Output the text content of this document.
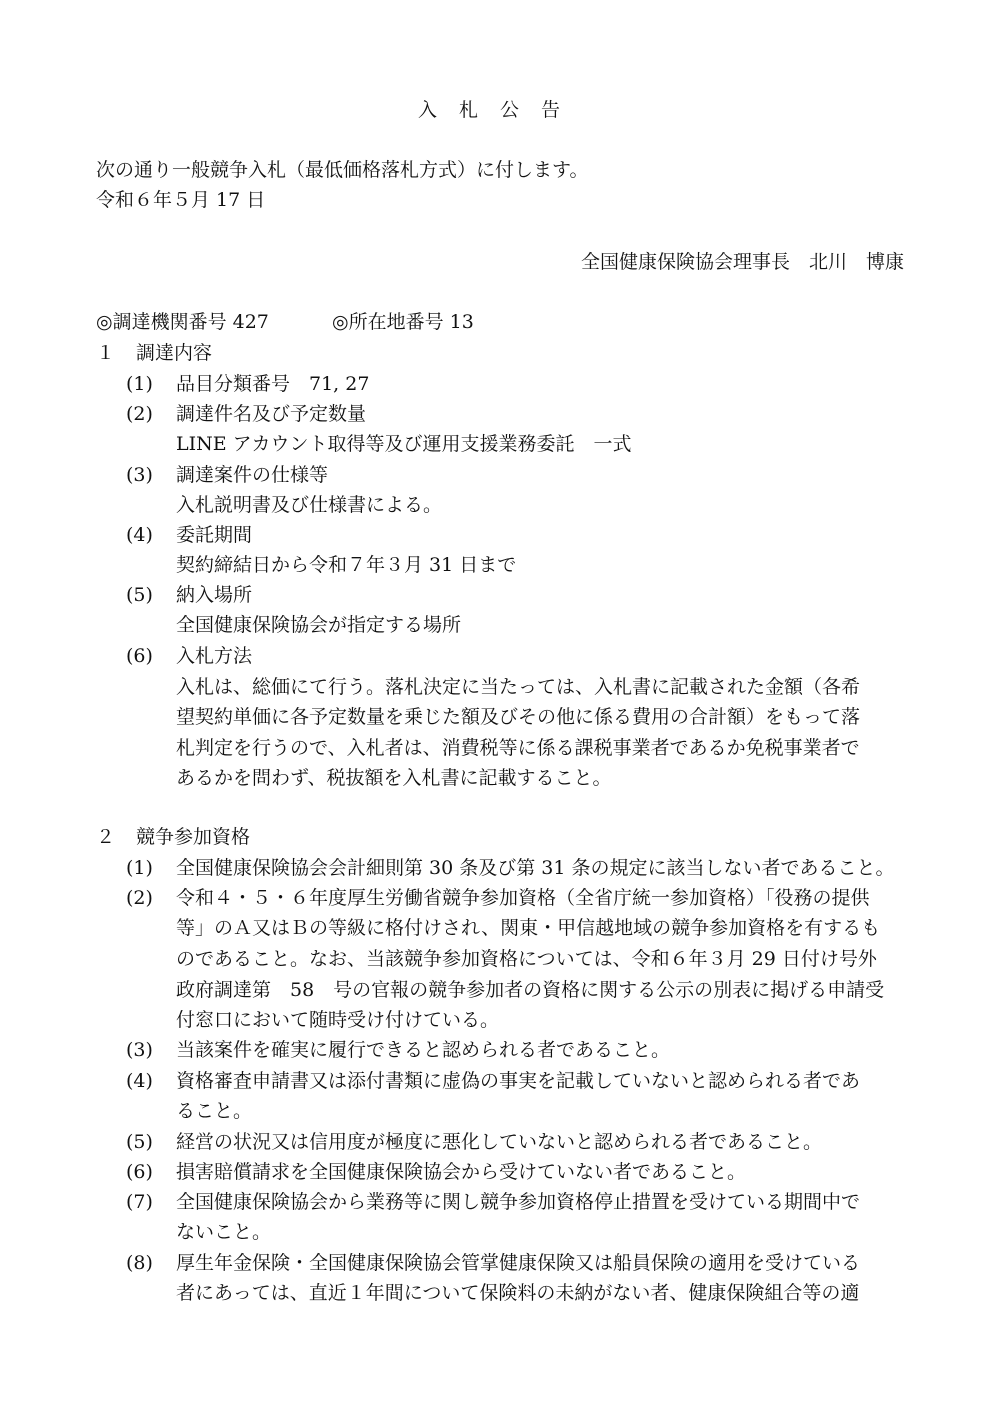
入札公告
次の通り一般競争入札（最低価格落札方式）に付します。
令和６年５月 17 日
全国健康保険協会理事長　北川　博康
◎調達機関番号 427	◎所在地番号 13
１ 調達内容
(1) 品目分類番号　71, 27
(2) 調達件名及び予定数量
LINE アカウント取得等及び運用支援業務委託　一式
(3) 調達案件の仕様等
入札説明書及び仕様書による。
(4) 委託期間
契約締結日から令和７年３月 31 日まで
(5) 納入場所
全国健康保険協会が指定する場所
(6) 入札方法
入札は、総価にて行う。落札決定に当たっては、入札書に記載された金額（各希
望契約単価に各予定数量を乗じた額及びその他に係る費用の合計額）をもって落
札判定を行うので、入札者は、消費税等に係る課税事業者であるか免税事業者で
あるかを問わず、税抜額を入札書に記載すること。
２ 競争参加資格
(1) 全国健康保険協会会計細則第 30 条及び第 31 条の規定に該当しない者であること。
(2) 令和４・５・６年度厚生労働省競争参加資格（全省庁統一参加資格）「役務の提供
等」のＡ又はＢの等級に格付けされ、関東・甲信越地域の競争参加資格を有するも
のであること。なお、当該競争参加資格については、令和６年３月 29 日付け号外
政府調達第　58　号の官報の競争参加者の資格に関する公示の別表に掲げる申請受
付窓口において随時受け付けている。
(3) 当該案件を確実に履行できると認められる者であること。
(4) 資格審査申請書又は添付書類に虚偽の事実を記載していないと認められる者であ
ること。
(5) 経営の状況又は信用度が極度に悪化していないと認められる者であること。
(6) 損害賠償請求を全国健康保険協会から受けていない者であること。
(7) 全国健康保険協会から業務等に関し競争参加資格停止措置を受けている期間中で
ないこと。
(8) 厚生年金保険・全国健康保険協会管掌健康保険又は船員保険の適用を受けている
者にあっては、直近１年間について保険料の未納がない者、健康保険組合等の適
